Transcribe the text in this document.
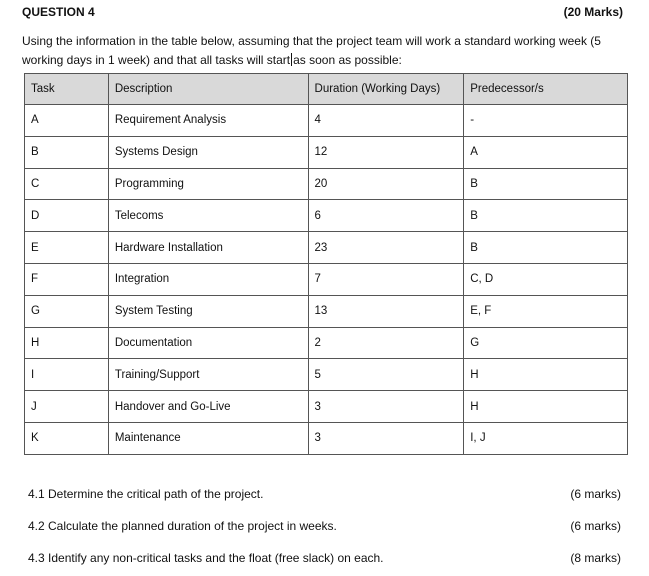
QUESTION 4	(20 Marks)
Using the information in the table below, assuming that the project team will work a standard working week (5 working days in 1 week) and that all tasks will start as soon as possible:
Task	Description	Duration (Working Days)	Predecessor/s
A	Requirement Analysis	4	-
B	Systems Design	12	A
C	Programming	20	B
D	Telecoms	6	B
E	Hardware Installation	23	B
F	Integration	7	C, D
G	System Testing	13	E, F
H	Documentation	2	G
I	Training/Support	5	H
J	Handover and Go-Live	3	H
K	Maintenance	3	I, J
4.1 Determine the critical path of the project.	(6 marks)
4.2 Calculate the planned duration of the project in weeks.	(6 marks)
4.3 Identify any non-critical tasks and the float (free slack) on each.	(8 marks)
